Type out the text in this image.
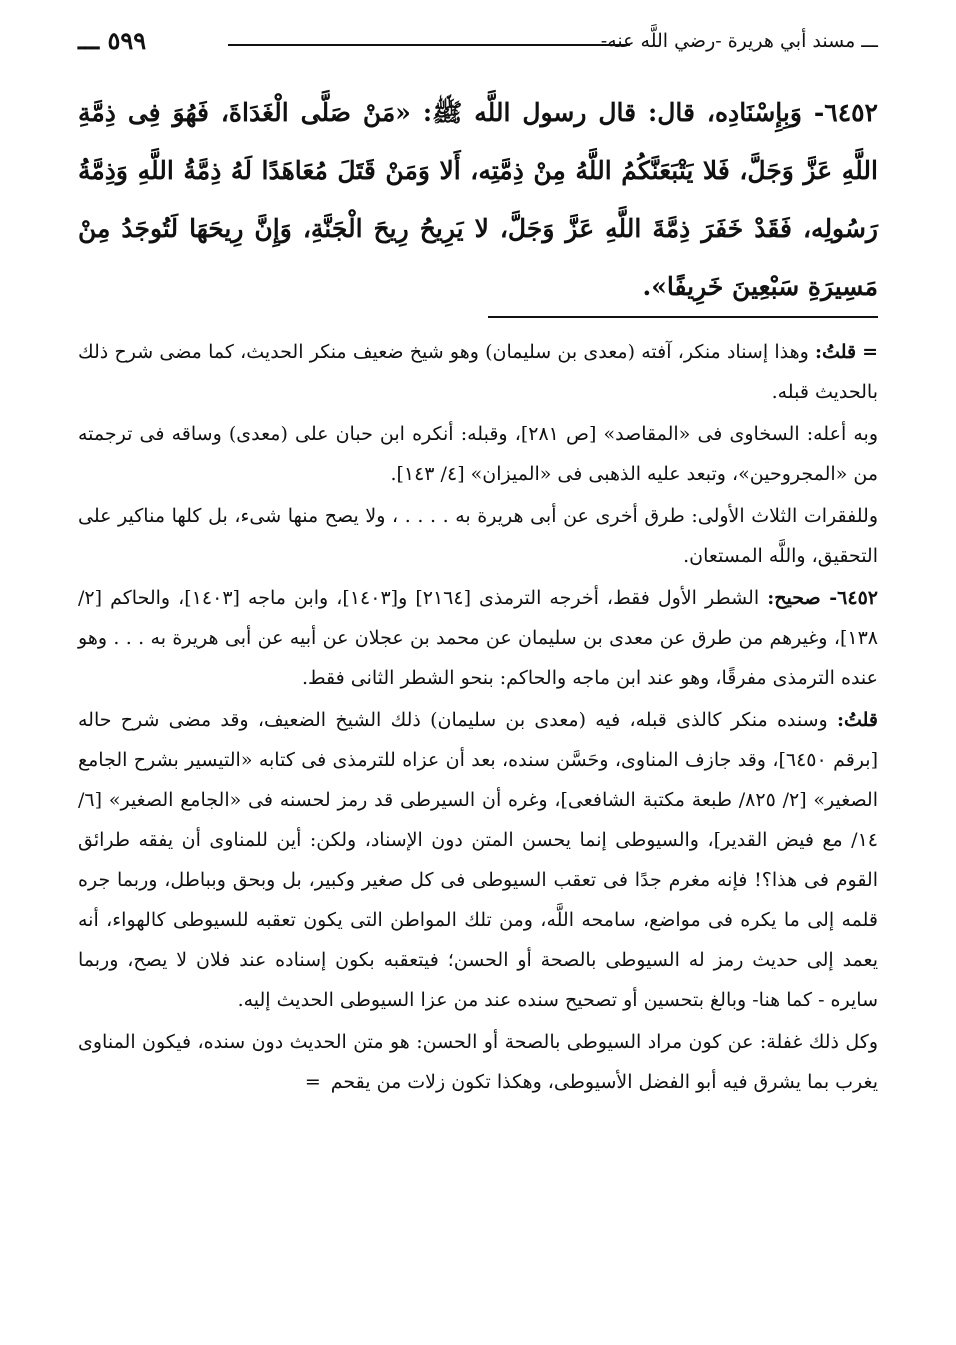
ـــ مسند أبي هريرة -رضي اللَّه عنه-
٥٩٩ ـــ

٦٤٥٢- وَبِإِسْنَادِه، قال: قال رسول اللَّه ﷺ: «مَنْ صَلَّى الْغَدَاةَ، فَهُوَ فِى ذِمَّةِ اللَّهِ عَزَّ وَجَلَّ، فَلا يَتْبَعَنَّكُمُ اللَّهُ مِنْ ذِمَّتِه، أَلا وَمَنْ قَتَلَ مُعَاهَدًا لَهُ ذِمَّةُ اللَّهِ وَذِمَّةُ رَسُولِه، فَقَدْ خَفَرَ ذِمَّةَ اللَّهِ عَزَّ وَجَلَّ، لا يَرِيحُ رِيحَ الْجَنَّةِ، وَإِنَّ رِيحَهَا لَتُوجَدُ مِنْ مَسِيرَةِ سَبْعِينَ خَرِيفًا».

=قلتُ: وهذا إسناد منكر، آفته (معدى بن سليمان) وهو شيخ ضعيف منكر الحديث، كما مضى شرح ذلك بالحديث قبله.

وبه أعله: السخاوى فى «المقاصد» [ص ٢٨١]، وقبله: أنكره ابن حبان على (معدى) وساقه فى ترجمته من «المجروحين»، وتبعد عليه الذهبى فى «الميزان» [٤/ ١٤٣].

وللفقرات الثلاث الأولى: طرق أخرى عن أبى هريرة به . . . . ، ولا يصح منها شىء، بل كلها مناكير على التحقيق، واللَّه المستعان.

٦٤٥٢- صحيح: الشطر الأول فقط، أخرجه الترمذى [٢١٦٤] و[١٤٠٣]، وابن ماجه [١٤٠٣]، والحاكم [٢/ ١٣٨]، وغيرهم من طرق عن معدى بن سليمان عن محمد بن عجلان عن أبيه عن أبى هريرة به . . . وهو عنده الترمذى مفرقًا، وهو عند ابن ماجه والحاكم: بنحو الشطر الثانى فقط.

قلتُ: وسنده منكر كالذى قبله، فيه (معدى بن سليمان) ذلك الشيخ الضعيف، وقد مضى شرح حاله [برقم ٦٤٥٠]، وقد جازف المناوى، وحَسَّن سنده، بعد أن عزاه للترمذى فى كتابه «التيسير بشرح الجامع الصغير» [٢/ ٨٢٥/ طبعة مكتبة الشافعى]، وغره أن السيرطى قد رمز لحسنه فى «الجامع الصغير» [٦/ ١٤/ مع فيض القدير]، والسيوطى إنما يحسن المتن دون الإسناد، ولكن: أين للمناوى أن يفقه طرائق القوم فى هذا؟! فإنه مغرم جدًا فى تعقب السيوطى فى كل صغير وكبير، بل وبحق وبباطل، وربما جره قلمه إلى ما يكره فى مواضع، سامحه اللَّه، ومن تلك المواطن التى يكون تعقبه للسيوطى كالهواء، أنه يعمد إلى حديث رمز له السيوطى بالصحة أو الحسن؛ فيتعقبه بكون إسناده عند فلان لا يصح، وربما سايره - كما هنا- وبالغ بتحسين أو تصحيح سنده عند من عزا السيوطى الحديث إليه.

وكل ذلك غفلة: عن كون مراد السيوطى بالصحة أو الحسن: هو متن الحديث دون سنده، فيكون المناوى يغرب بما يشرق فيه أبو الفضل الأسيوطى، وهكذا تكون زلات من يقحم=
